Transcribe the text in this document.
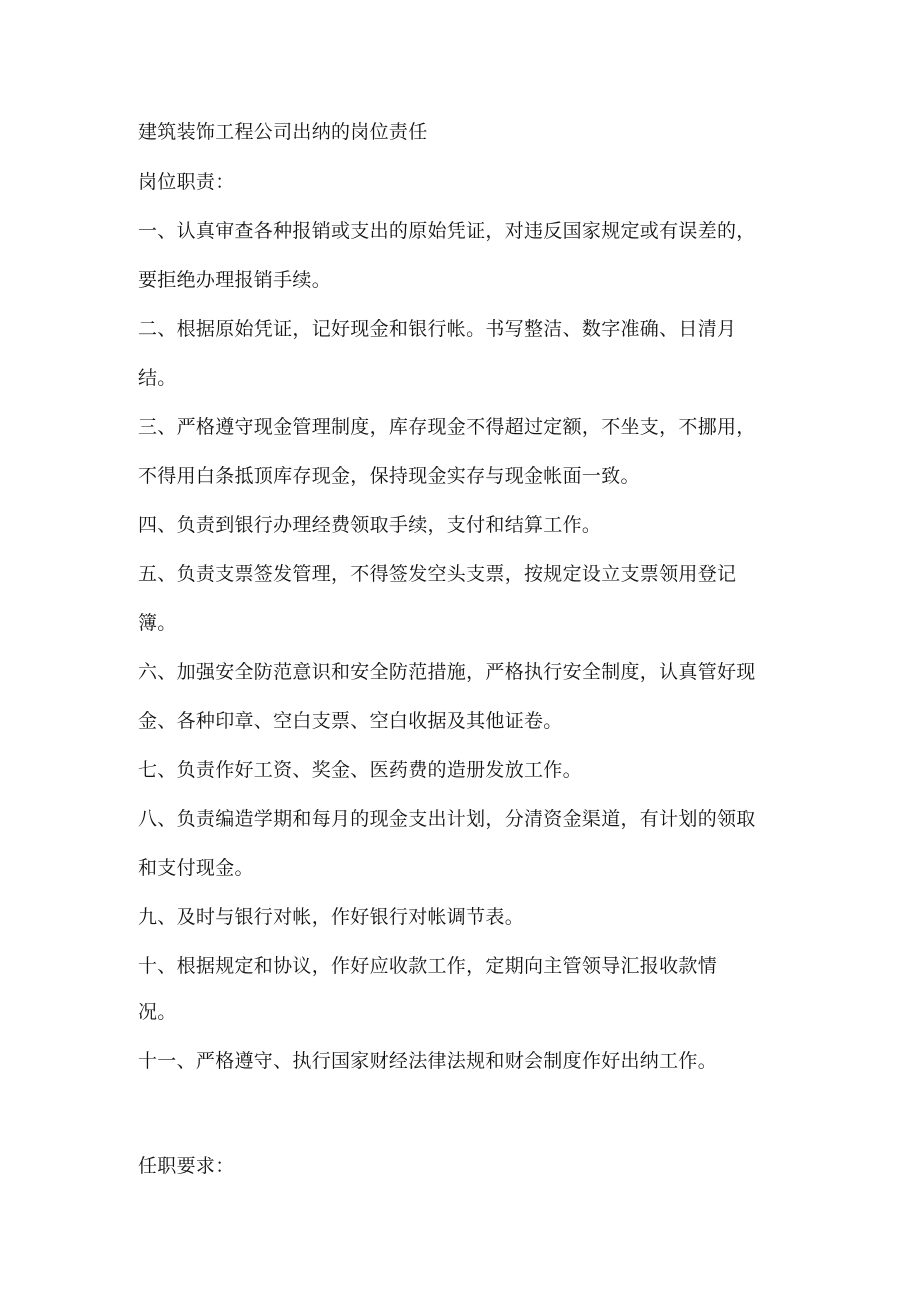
建筑装饰工程公司出纳的岗位责任
岗位职责：
一、认真审查各种报销或支出的原始凭证，对违反国家规定或有误差的，
要拒绝办理报销手续。
二、根据原始凭证，记好现金和银行帐。书写整洁、数字准确、日清月
结。
三、严格遵守现金管理制度，库存现金不得超过定额，不坐支，不挪用，
不得用白条抵顶库存现金，保持现金实存与现金帐面一致。
四、负责到银行办理经费领取手续，支付和结算工作。
五、负责支票签发管理，不得签发空头支票，按规定设立支票领用登记
簿。
六、加强安全防范意识和安全防范措施，严格执行安全制度，认真管好现
金、各种印章、空白支票、空白收据及其他证卷。
七、负责作好工资、奖金、医药费的造册发放工作。
八、负责编造学期和每月的现金支出计划，分清资金渠道，有计划的领取
和支付现金。
九、及时与银行对帐，作好银行对帐调节表。
十、根据规定和协议，作好应收款工作，定期向主管领导汇报收款情
况。
十一、严格遵守、执行国家财经法律法规和财会制度作好出纳工作。
任职要求：
